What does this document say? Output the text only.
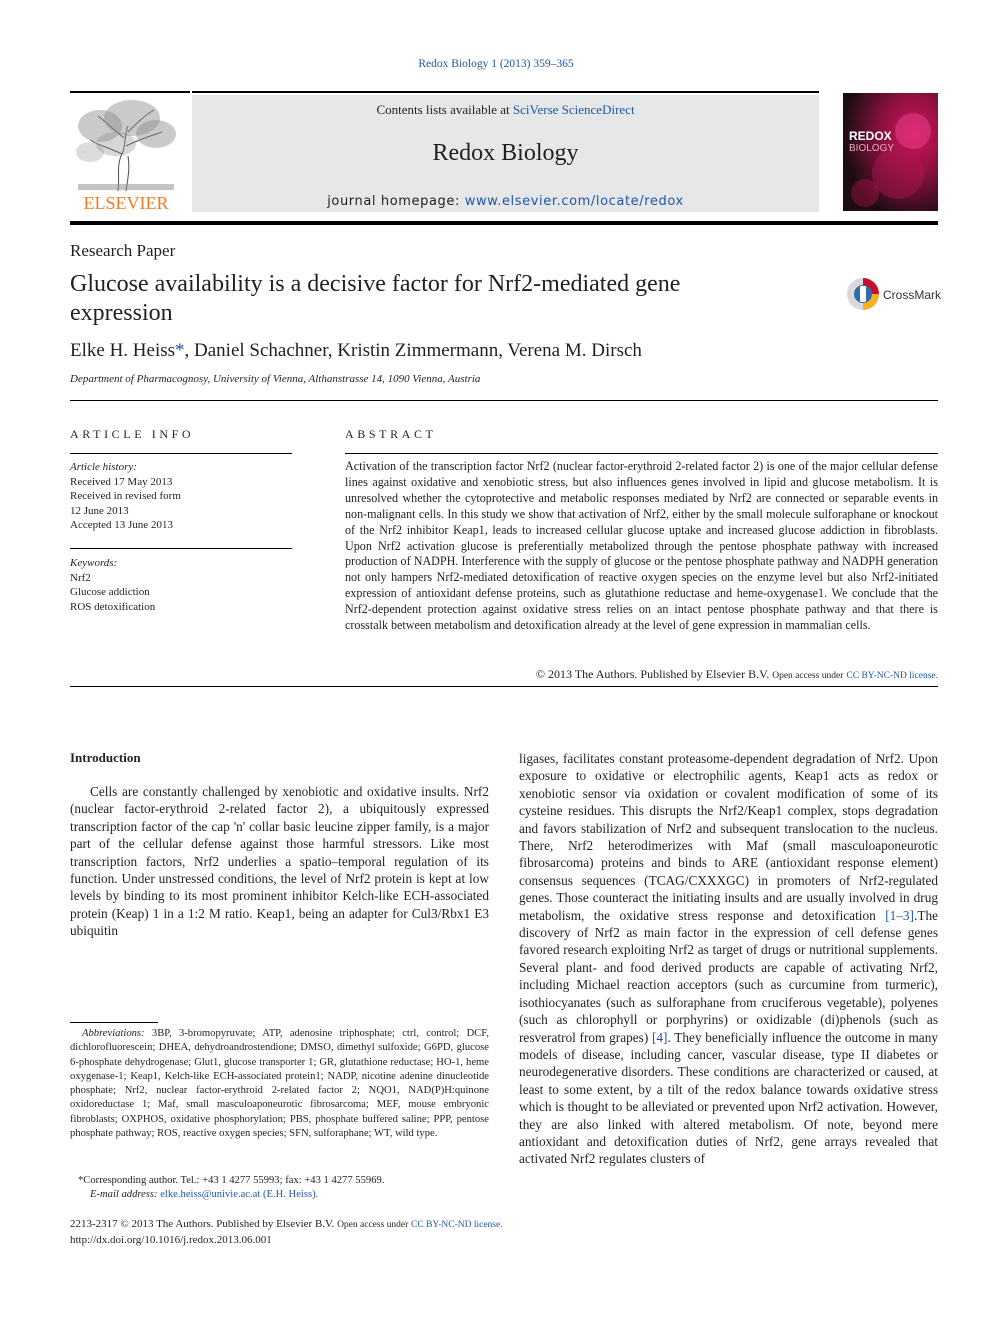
Redox Biology 1 (2013) 359–365
ELSEVIER
Contents lists available at SciVerse ScienceDirect
Redox Biology
journal homepage: www.elsevier.com/locate/redox
REDOX
BIOLOGY
Research Paper
Glucose availability is a decisive factor for Nrf2-mediated gene expression
CrossMark
Elke H. Heiss*, Daniel Schachner, Kristin Zimmermann, Verena M. Dirsch
Department of Pharmacognosy, University of Vienna, Althanstrasse 14, 1090 Vienna, Austria
ARTICLE INFO	ABSTRACT
Article history:
Received 17 May 2013
Received in revised form
12 June 2013
Accepted 13 June 2013
Keywords:
Nrf2
Glucose addiction
ROS detoxification
Activation of the transcription factor Nrf2 (nuclear factor-erythroid 2-related factor 2) is one of the major cellular defense lines against oxidative and xenobiotic stress, but also influences genes involved in lipid and glucose metabolism. It is unresolved whether the cytoprotective and metabolic responses mediated by Nrf2 are connected or separable events in non-malignant cells. In this study we show that activation of Nrf2, either by the small molecule sulforaphane or knockout of the Nrf2 inhibitor Keap1, leads to increased cellular glucose uptake and increased glucose addiction in fibroblasts. Upon Nrf2 activation glucose is preferentially metabolized through the pentose phosphate pathway with increased production of NADPH. Interference with the supply of glucose or the pentose phosphate pathway and NADPH generation not only hampers Nrf2-mediated detoxification of reactive oxygen species on the enzyme level but also Nrf2-initiated expression of antioxidant defense proteins, such as glutathione reductase and heme-oxygenase1. We conclude that the Nrf2-dependent protection against oxidative stress relies on an intact pentose phosphate pathway and that there is crosstalk between metabolism and detoxification already at the level of gene expression in mammalian cells.
© 2013 The Authors. Published by Elsevier B.V. Open access under CC BY-NC-ND license.
Introduction

Cells are constantly challenged by xenobiotic and oxidative insults. Nrf2 (nuclear factor-erythroid 2-related factor 2), a ubiquitously expressed transcription factor of the cap 'n' collar basic leucine zipper family, is a major part of the cellular defense against those harmful stressors. Like most transcription factors, Nrf2 underlies a spatio–temporal regulation of its function. Under unstressed conditions, the level of Nrf2 protein is kept at low levels by binding to its most prominent inhibitor Kelch-like ECH-associated protein (Keap) 1 in a 1:2 M ratio. Keap1, being an adapter for Cul3/Rbx1 E3 ubiquitin

ligases, facilitates constant proteasome-dependent degradation of Nrf2. Upon exposure to oxidative or electrophilic agents, Keap1 acts as redox or xenobiotic sensor via oxidation or covalent modification of some of its cysteine residues. This disrupts the Nrf2/Keap1 complex, stops degradation and favors stabilization of Nrf2 and subsequent translocation to the nucleus. There, Nrf2 heterodimerizes with Maf (small masculoaponeurotic fibrosarcoma) proteins and binds to ARE (antioxidant response element) consensus sequences (TCAG/CXXXGC) in promoters of Nrf2-regulated genes. Those counteract the initiating insults and are usually involved in drug metabolism, the oxidative stress response and detoxification [1–3].The discovery of Nrf2 as main factor in the expression of cell defense genes favored research exploiting Nrf2 as target of drugs or nutritional supplements. Several plant- and food derived products are capable of activating Nrf2, including Michael reaction acceptors (such as curcumine from turmeric), isothiocyanates (such as sulforaphane from cruciferous vegetable), polyenes (such as chlorophyll or porphyrins) or oxidizable (di)phenols (such as resveratrol from grapes) [4]. They beneficially influence the outcome in many models of disease, including cancer, vascular disease, type II diabetes or neurodegenerative disorders. These conditions are characterized or caused, at least to some extent, by a tilt of the redox balance towards oxidative stress which is thought to be alleviated or prevented upon Nrf2 activation. However, they are also linked with altered metabolism. Of note, beyond mere antioxidant and detoxification duties of Nrf2, gene arrays revealed that activated Nrf2 regulates clusters of

Abbreviations: 3BP, 3-bromopyruvate; ATP, adenosine triphosphate; ctrl, control; DCF, dichlorofluorescein; DHEA, dehydroandrostendione; DMSO, dimethyl sulfoxide; G6PD, glucose 6-phosphate dehydrogenase; Glut1, glucose transporter 1; GR, glutathione reductase; HO-1, heme oxygenase-1; Keap1, Kelch-like ECH-associated protein1; NADP, nicotine adenine dinucleotide phosphate; Nrf2, nuclear factor-erythroid 2-related factor 2; NQO1, NAD(P)H:quinone oxidoreductase 1; Maf, small masculoaponeurotic fibrosarcoma; MEF, mouse embryonic fibroblasts; OXPHOS, oxidative phosphorylation; PBS, phosphate buffered saline; PPP, pentose phosphate pathway; ROS, reactive oxygen species; SFN, sulforaphane; WT, wild type.

*Corresponding author. Tel.: +43 1 4277 55993; fax: +43 1 4277 55969.

E-mail address: elke.heiss@univie.ac.at (E.H. Heiss).

2213-2317 © 2013 The Authors. Published by Elsevier B.V. Open access under CC BY-NC-ND license.
http://dx.doi.org/10.1016/j.redox.2013.06.001
